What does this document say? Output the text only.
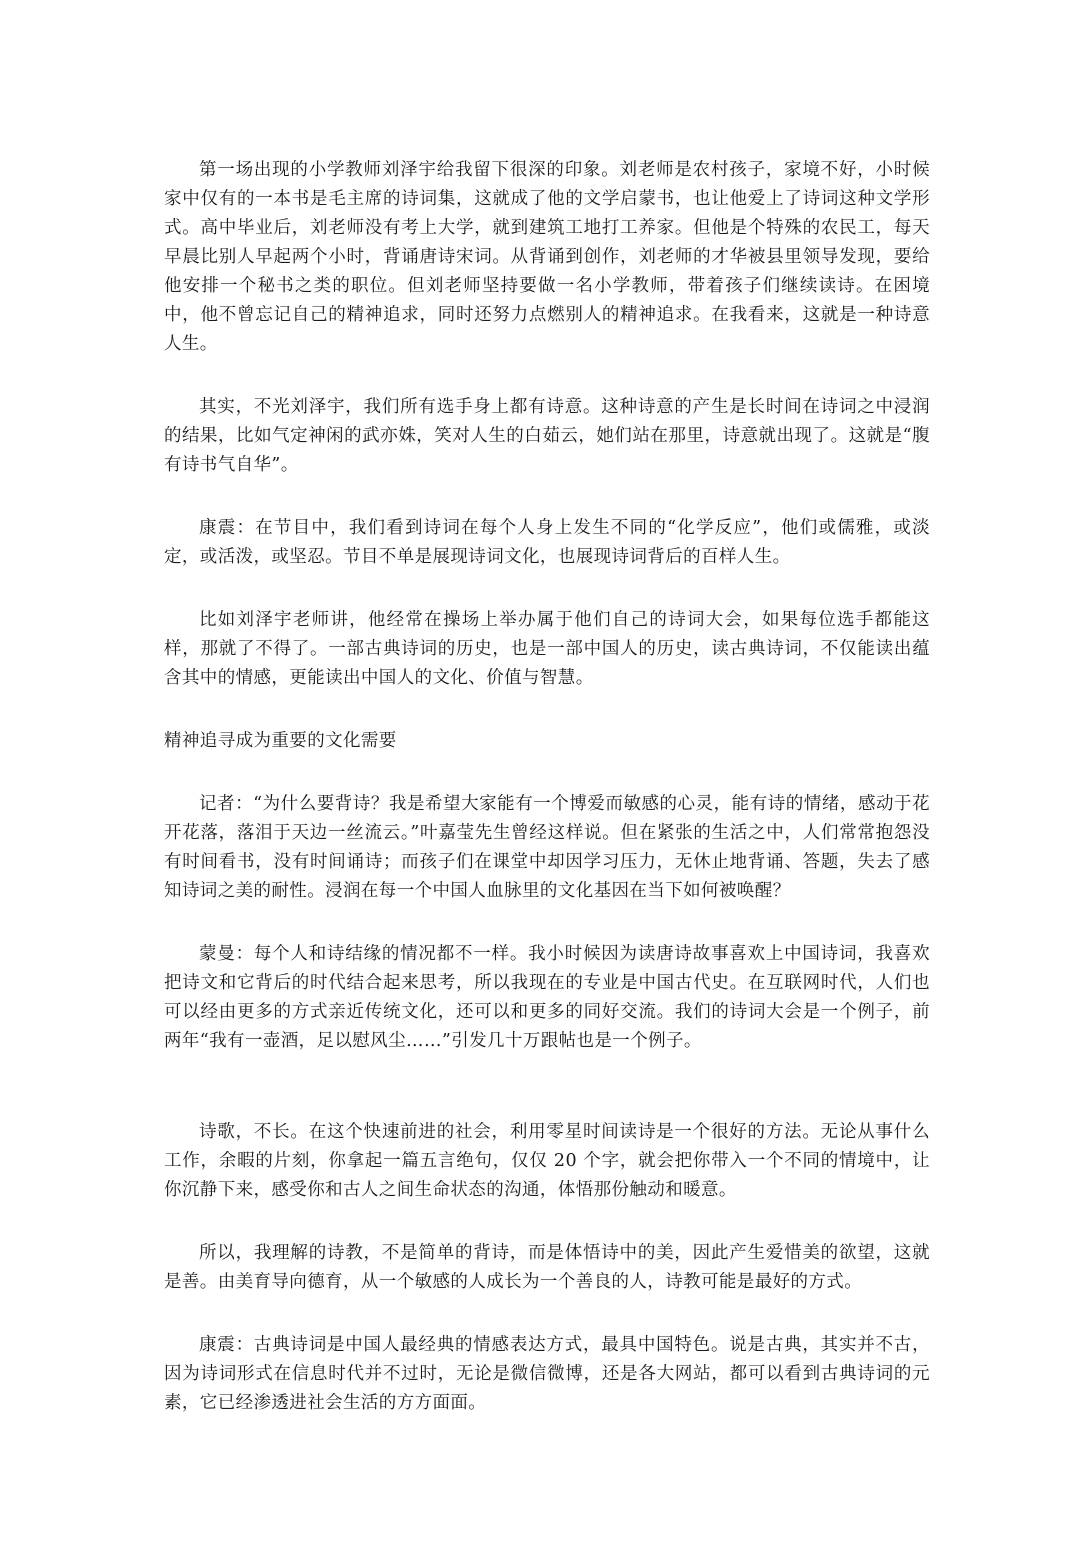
第一场出现的小学教师刘泽宇给我留下很深的印象。刘老师是农村孩子，家境不好，小时候家中仅有的一本书是毛主席的诗词集，这就成了他的文学启蒙书，也让他爱上了诗词这种文学形式。高中毕业后，刘老师没有考上大学，就到建筑工地打工养家。但他是个特殊的农民工，每天早晨比别人早起两个小时，背诵唐诗宋词。从背诵到创作，刘老师的才华被县里领导发现，要给他安排一个秘书之类的职位。但刘老师坚持要做一名小学教师，带着孩子们继续读诗。在困境中，他不曾忘记自己的精神追求，同时还努力点燃别人的精神追求。在我看来，这就是一种诗意人生。

其实，不光刘泽宇，我们所有选手身上都有诗意。这种诗意的产生是长时间在诗词之中浸润的结果，比如气定神闲的武亦姝，笑对人生的白茹云，她们站在那里，诗意就出现了。这就是“腹有诗书气自华”。

康震：在节目中，我们看到诗词在每个人身上发生不同的“化学反应”，他们或儒雅，或淡定，或活泼，或坚忍。节目不单是展现诗词文化，也展现诗词背后的百样人生。

比如刘泽宇老师讲，他经常在操场上举办属于他们自己的诗词大会，如果每位选手都能这样，那就了不得了。一部古典诗词的历史，也是一部中国人的历史，读古典诗词，不仅能读出蕴含其中的情感，更能读出中国人的文化、价值与智慧。

精神追寻成为重要的文化需要

记者：“为什么要背诗？我是希望大家能有一个博爱而敏感的心灵，能有诗的情绪，感动于花开花落，落泪于天边一丝流云。”叶嘉莹先生曾经这样说。但在紧张的生活之中，人们常常抱怨没有时间看书，没有时间诵诗；而孩子们在课堂中却因学习压力，无休止地背诵、答题，失去了感知诗词之美的耐性。浸润在每一个中国人血脉里的文化基因在当下如何被唤醒？

蒙曼：每个人和诗结缘的情况都不一样。我小时候因为读唐诗故事喜欢上中国诗词，我喜欢把诗文和它背后的时代结合起来思考，所以我现在的专业是中国古代史。在互联网时代，人们也可以经由更多的方式亲近传统文化，还可以和更多的同好交流。我们的诗词大会是一个例子，前两年“我有一壶酒，足以慰风尘……”引发几十万跟帖也是一个例子。

诗歌，不长。在这个快速前进的社会，利用零星时间读诗是一个很好的方法。无论从事什么工作，余暇的片刻，你拿起一篇五言绝句，仅仅 20 个字，就会把你带入一个不同的情境中，让你沉静下来，感受你和古人之间生命状态的沟通，体悟那份触动和暖意。

所以，我理解的诗教，不是简单的背诗，而是体悟诗中的美，因此产生爱惜美的欲望，这就是善。由美育导向德育，从一个敏感的人成长为一个善良的人，诗教可能是最好的方式。

康震：古典诗词是中国人最经典的情感表达方式，最具中国特色。说是古典，其实并不古，因为诗词形式在信息时代并不过时，无论是微信微博，还是各大网站，都可以看到古典诗词的元素，它已经渗透进社会生活的方方面面。
